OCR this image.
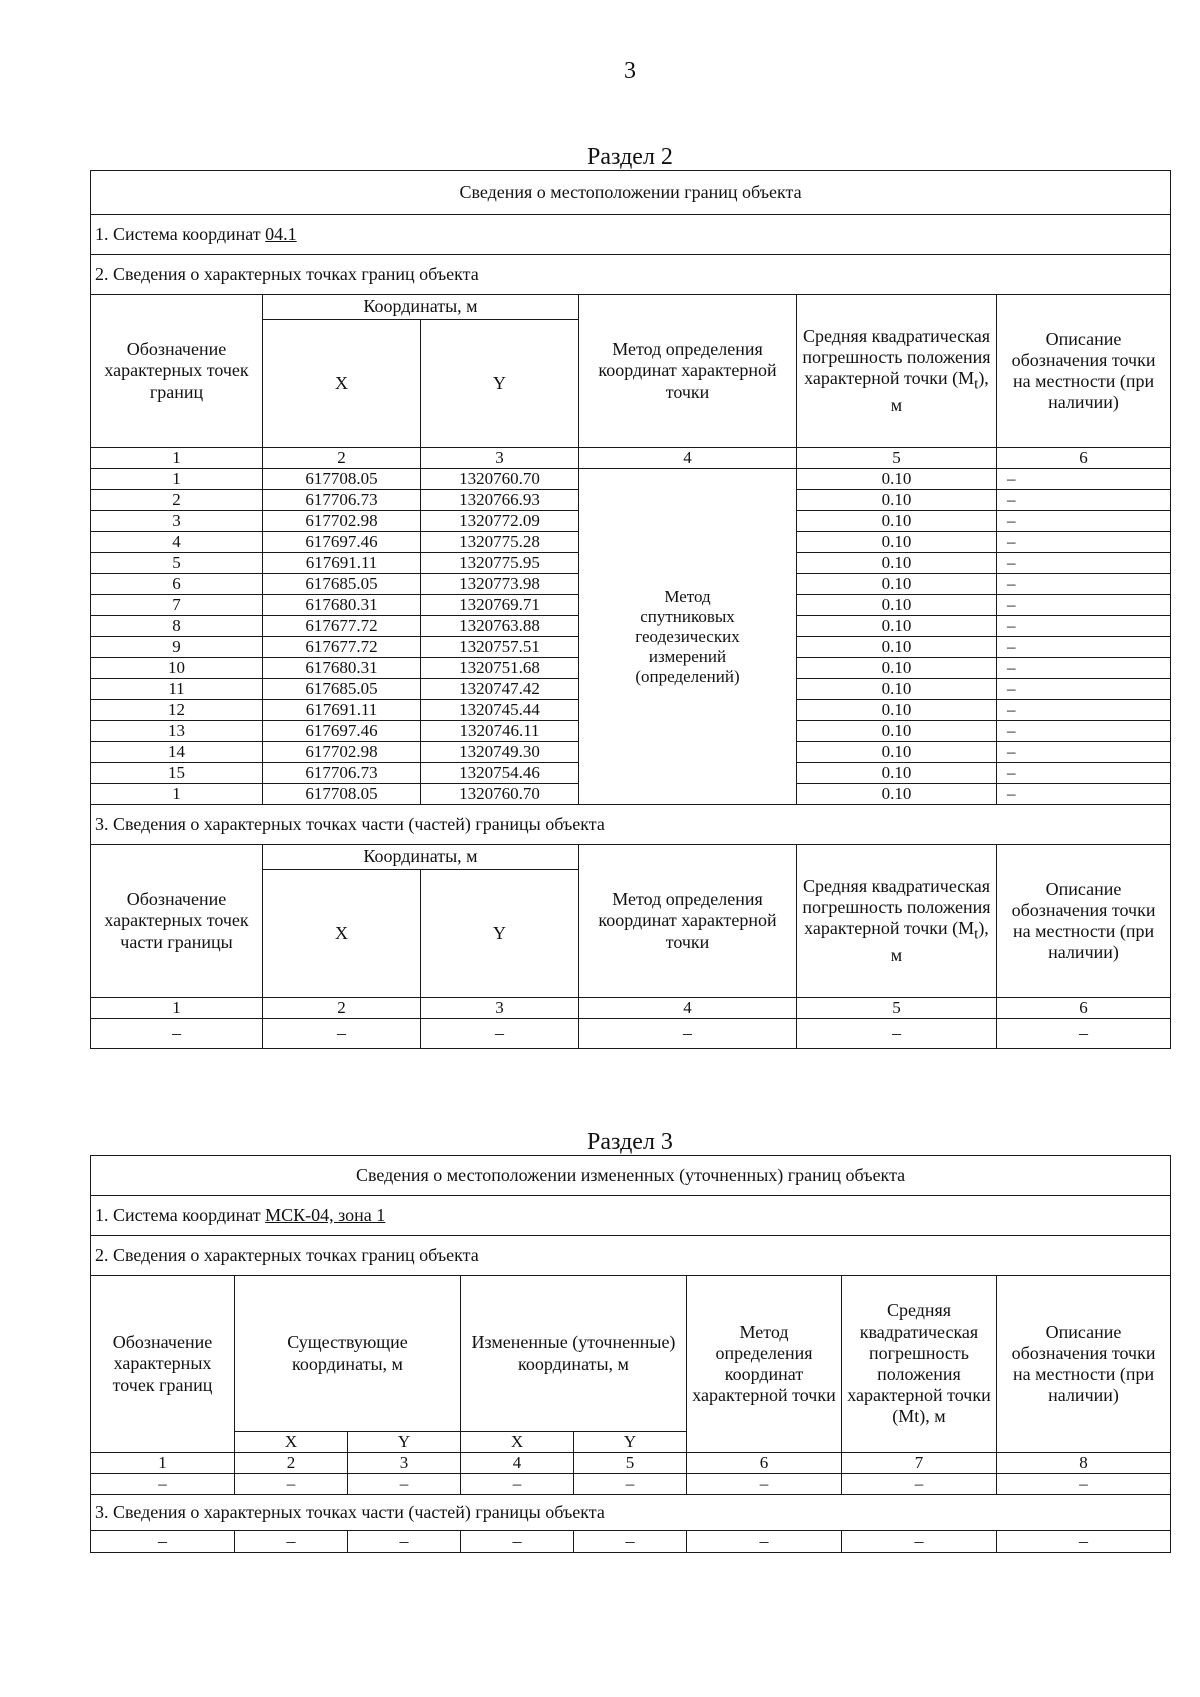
3
Раздел 2
Сведения о местоположении границ объекта					
1. Система координат 04.1					
2. Сведения о характерных точках границ объекта					
Обозначение характерных точек границ	Координаты, м		Метод определения координат характерной точки	Средняя квадратическая погрешность положения характерной точки $(M_t)$, м	Описание обозначения точки на местности (при наличии)
	X	Y			
1	2	3	4	5	6
1	617708.05	1320760.70	Метод спутниковых геодезических измерений (определений)	0.10	–
2	617706.73	1320766.93		0.10	–
3	617702.98	1320772.09		0.10	–
4	617697.46	1320775.28		0.10	–
5	617691.11	1320775.95		0.10	–
6	617685.05	1320773.98		0.10	–
7	617680.31	1320769.71		0.10	–
8	617677.72	1320763.88		0.10	–
9	617677.72	1320757.51		0.10	–
10	617680.31	1320751.68		0.10	–
11	617685.05	1320747.42		0.10	–
12	617691.11	1320745.44		0.10	–
13	617697.46	1320746.11		0.10	–
14	617702.98	1320749.30		0.10	–
15	617706.73	1320754.46		0.10	–
1	617708.05	1320760.70		0.10	–
3. Сведения о характерных точках части (частей) границы объекта					
Обозначение характерных точек части границы	Координаты, м		Метод определения координат характерной точки	Средняя квадратическая погрешность положения характерной точки $(M_t)$, м	Описание обозначения точки на местности (при наличии)
	X	Y			
1	2	3	4	5	6
–	–	–	–	–	–
Раздел 3
Сведения о местоположении измененных (уточненных) границ объекта							
1. Система координат МСК-04, зона 1							
2. Сведения о характерных точках границ объекта							
Обозначение характерных точек границ	Существующие координаты, м		Измененные (уточненные) координаты, м		Метод определения координат характерной точки	Средняя квадратическая погрешность положения характерной точки (Mt), м	Описание обозначения точки на местности (при наличии)
	X	Y	X	Y			
1	2	3	4	5	6	7	8
–	–	–	–	–	–	–	–
3. Сведения о характерных точках части (частей) границы объекта							
–	–	–	–	–	–	–	–
